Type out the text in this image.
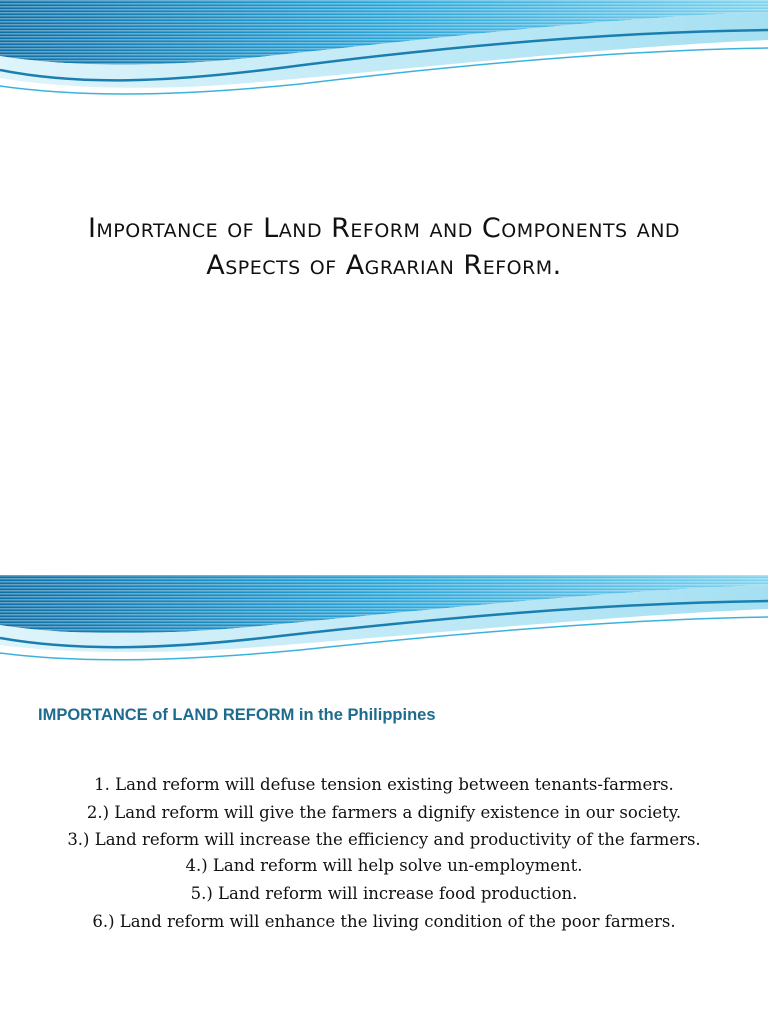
Importance of Land Reform and Components and Aspects of Agrarian Reform.
IMPORTANCE of LAND REFORM in the Philippines
1. Land reform will defuse tension existing between tenants-farmers.
2.) Land reform will give the farmers a dignify existence in our society.
3.) Land reform will increase the efficiency and productivity of the farmers.
4.) Land reform will help solve un-employment.
5.) Land reform will increase food production.
6.) Land reform will enhance the living condition of the poor farmers.
